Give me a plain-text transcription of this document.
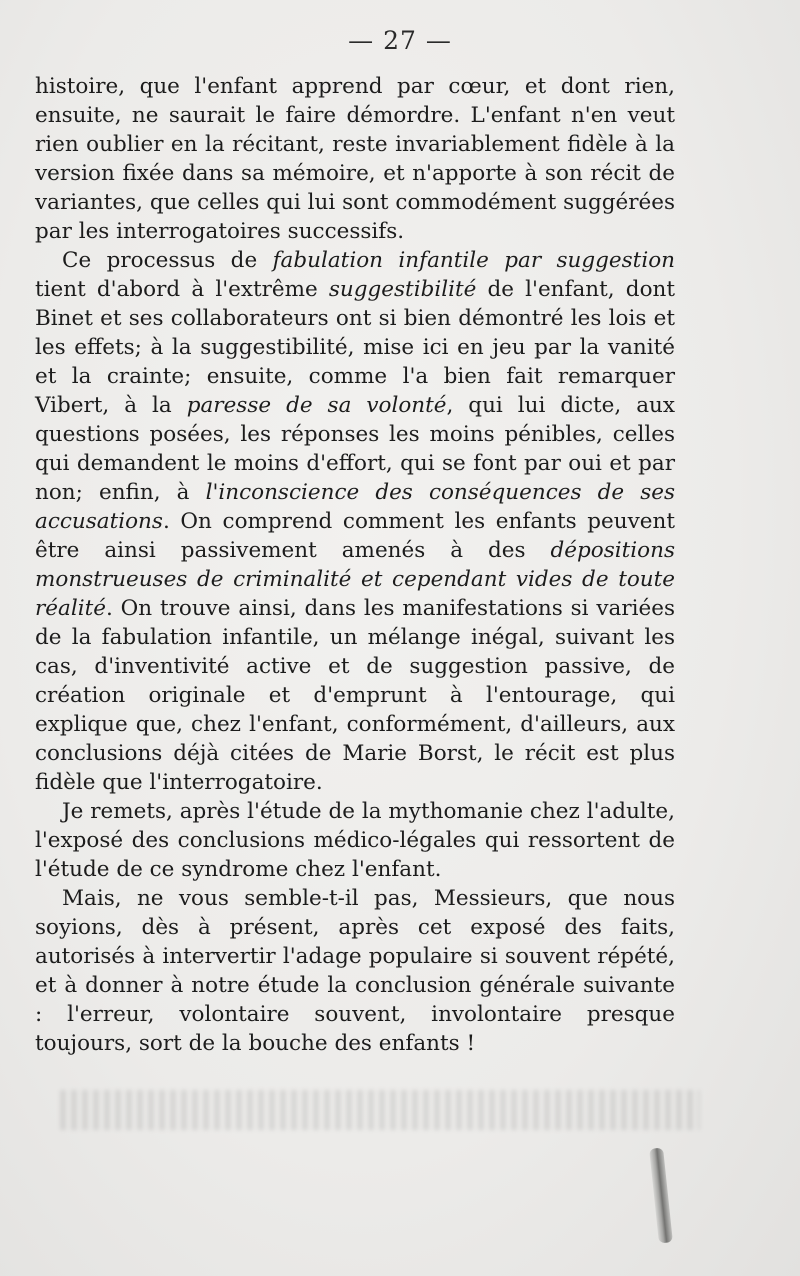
— 27 —

histoire, que l'enfant apprend par cœur, et dont rien, ensuite, ne saurait le faire démordre. L'enfant n'en veut rien oublier en la récitant, reste invariablement fidèle à la version fixée dans sa mémoire, et n'apporte à son récit de variantes, que celles qui lui sont commodément suggérées par les interrogatoires successifs.

Ce processus de fabulation infantile par suggestion tient d'abord à l'extrême suggestibilité de l'enfant, dont Binet et ses collaborateurs ont si bien démontré les lois et les effets; à la suggestibilité, mise ici en jeu par la vanité et la crainte; ensuite, comme l'a bien fait remarquer Vibert, à la paresse de sa volonté, qui lui dicte, aux questions posées, les réponses les moins pénibles, celles qui demandent le moins d'effort, qui se font par oui et par non; enfin, à l'inconscience des conséquences de ses accusations. On comprend comment les enfants peuvent être ainsi passivement amenés à des dépositions monstrueuses de criminalité et cependant vides de toute réalité. On trouve ainsi, dans les manifestations si variées de la fabulation infantile, un mélange inégal, suivant les cas, d'inventivité active et de suggestion passive, de création originale et d'emprunt à l'entourage, qui explique que, chez l'enfant, conformément, d'ailleurs, aux conclusions déjà citées de Marie Borst, le récit est plus fidèle que l'interrogatoire.

Je remets, après l'étude de la mythomanie chez l'adulte, l'exposé des conclusions médico-légales qui ressortent de l'étude de ce syndrome chez l'enfant.

Mais, ne vous semble-t-il pas, Messieurs, que nous soyions, dès à présent, après cet exposé des faits, autorisés à intervertir l'adage populaire si souvent répété, et à donner à notre étude la conclusion générale suivante : l'erreur, volontaire souvent, involontaire presque toujours, sort de la bouche des enfants !
